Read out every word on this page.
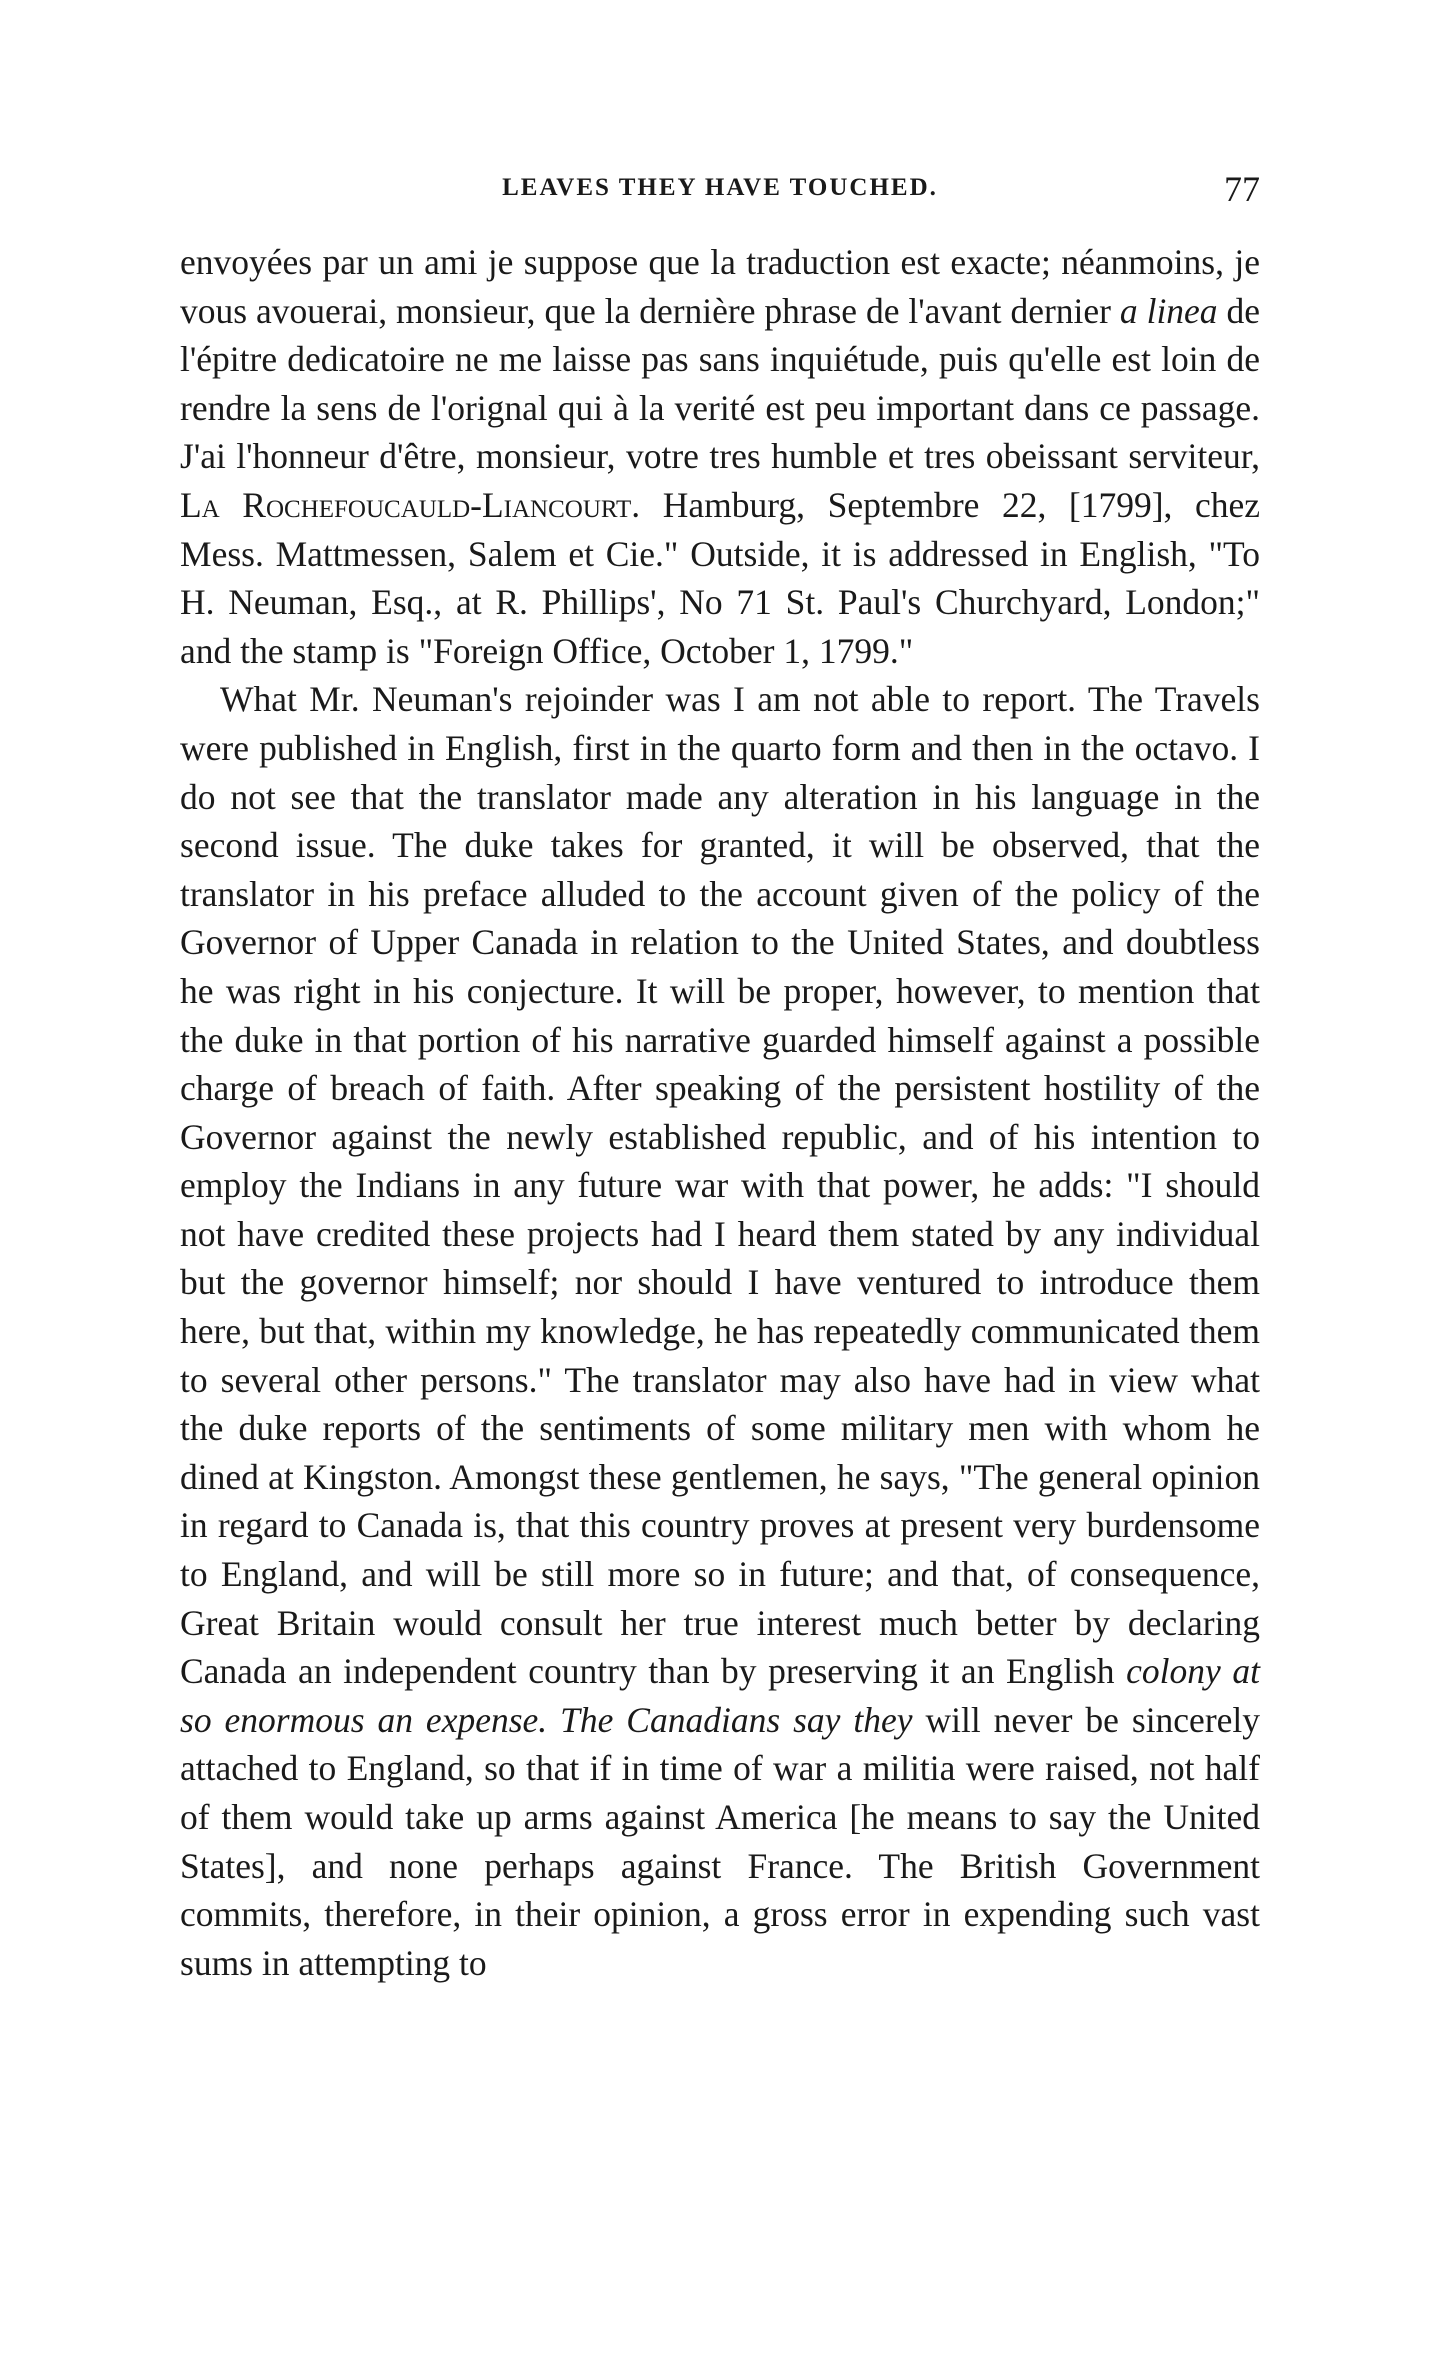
LEAVES THEY HAVE TOUCHED.	77

envoyées par un ami je suppose que la traduction est exacte; néanmoins, je vous avouerai, monsieur, que la dernière phrase de l'avant dernier a linea de l'épitre dedicatoire ne me laisse pas sans inquiétude, puis qu'elle est loin de rendre la sens de l'orignal qui à la verité est peu important dans ce passage. J'ai l'honneur d'être, monsieur, votre tres humble et tres obeissant serviteur, La Rochefoucauld-Liancourt. Hamburg, Septembre 22, [1799], chez Mess. Mattmessen, Salem et Cie." Outside, it is addressed in English, "To H. Neuman, Esq., at R. Phillips', No 71 St. Paul's Churchyard, London;" and the stamp is "Foreign Office, October 1, 1799."

What Mr. Neuman's rejoinder was I am not able to report. The Travels were published in English, first in the quarto form and then in the octavo. I do not see that the translator made any alteration in his language in the second issue. The duke takes for granted, it will be observed, that the translator in his preface alluded to the account given of the policy of the Governor of Upper Canada in relation to the United States, and doubtless he was right in his conjecture. It will be proper, however, to mention that the duke in that portion of his narrative guarded himself against a possible charge of breach of faith. After speaking of the persistent hostility of the Governor against the newly established republic, and of his intention to employ the Indians in any future war with that power, he adds: "I should not have credited these projects had I heard them stated by any individual but the governor himself; nor should I have ventured to introduce them here, but that, within my knowledge, he has repeatedly communicated them to several other persons." The translator may also have had in view what the duke reports of the sentiments of some military men with whom he dined at Kingston. Amongst these gentlemen, he says, "The general opinion in regard to Canada is, that this country proves at present very burdensome to England, and will be still more so in future; and that, of consequence, Great Britain would consult her true interest much better by declaring Canada an independent country than by preserving it an English colony at so enormous an expense. The Canadians say they will never be sincerely attached to England, so that if in time of war a militia were raised, not half of them would take up arms against America [he means to say the United States], and none perhaps against France. The British Government commits, therefore, in their opinion, a gross error in expending such vast sums in attempting to
